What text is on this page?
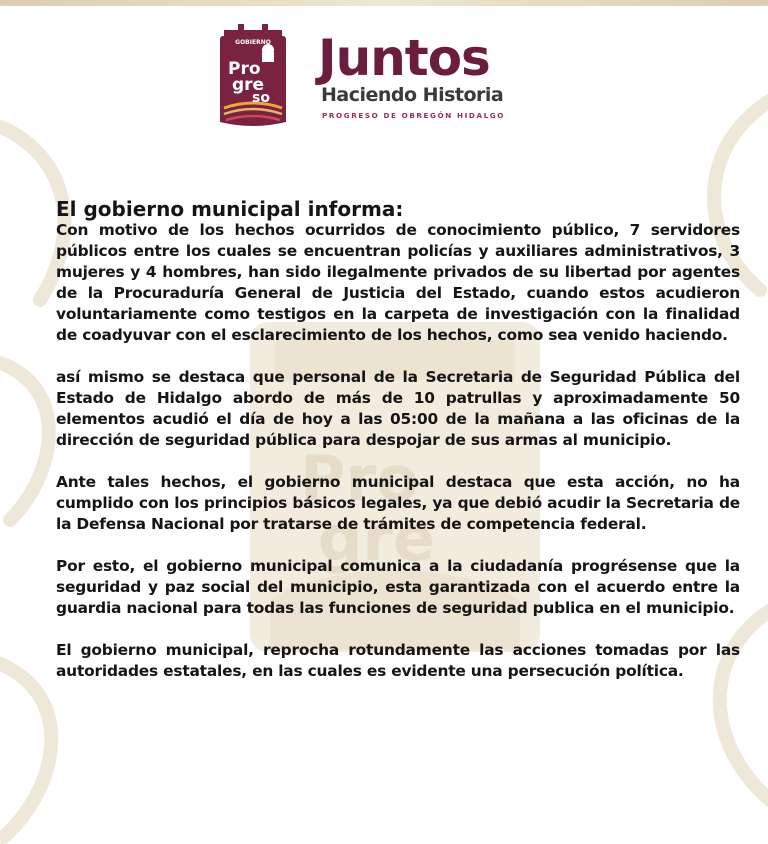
Pro
gre
GOBIERNO
Pro
gre
so
Juntos
Haciendo Historia
PROGRESO DE OBREGÓN HIDALGO

El gobierno municipal informa:

Con motivo de los hechos ocurridos de conocimiento público, 7 servidores públicos entre los cuales se encuentran policías y auxiliares administrativos, 3 mujeres y 4 hombres, han sido ilegalmente privados de su libertad por agentes de la Procuraduría General de Justicia del Estado, cuando estos acudieron voluntariamente como testigos en la carpeta de investigación con la finalidad de coadyuvar con el esclarecimiento de los hechos, como sea venido haciendo.

así mismo se destaca que personal de la Secretaria de Seguridad Pública del Estado de Hidalgo abordo de más de 10 patrullas y aproximadamente 50 elementos acudió el día de hoy a las 05:00 de la mañana a las oficinas de la dirección de seguridad pública para despojar de sus armas al municipio.

Ante tales hechos, el gobierno municipal destaca que esta acción, no ha cumplido con los principios básicos legales, ya que debió acudir la Secretaria de la Defensa Nacional por tratarse de trámites de competencia federal.

Por esto, el gobierno municipal comunica a la ciudadanía progrésense que la seguridad y paz social del municipio, esta garantizada con el acuerdo entre la guardia nacional para todas las funciones de seguridad publica en el municipio.

El gobierno municipal, reprocha rotundamente las acciones tomadas por las autoridades estatales, en las cuales es evidente una persecución política.
